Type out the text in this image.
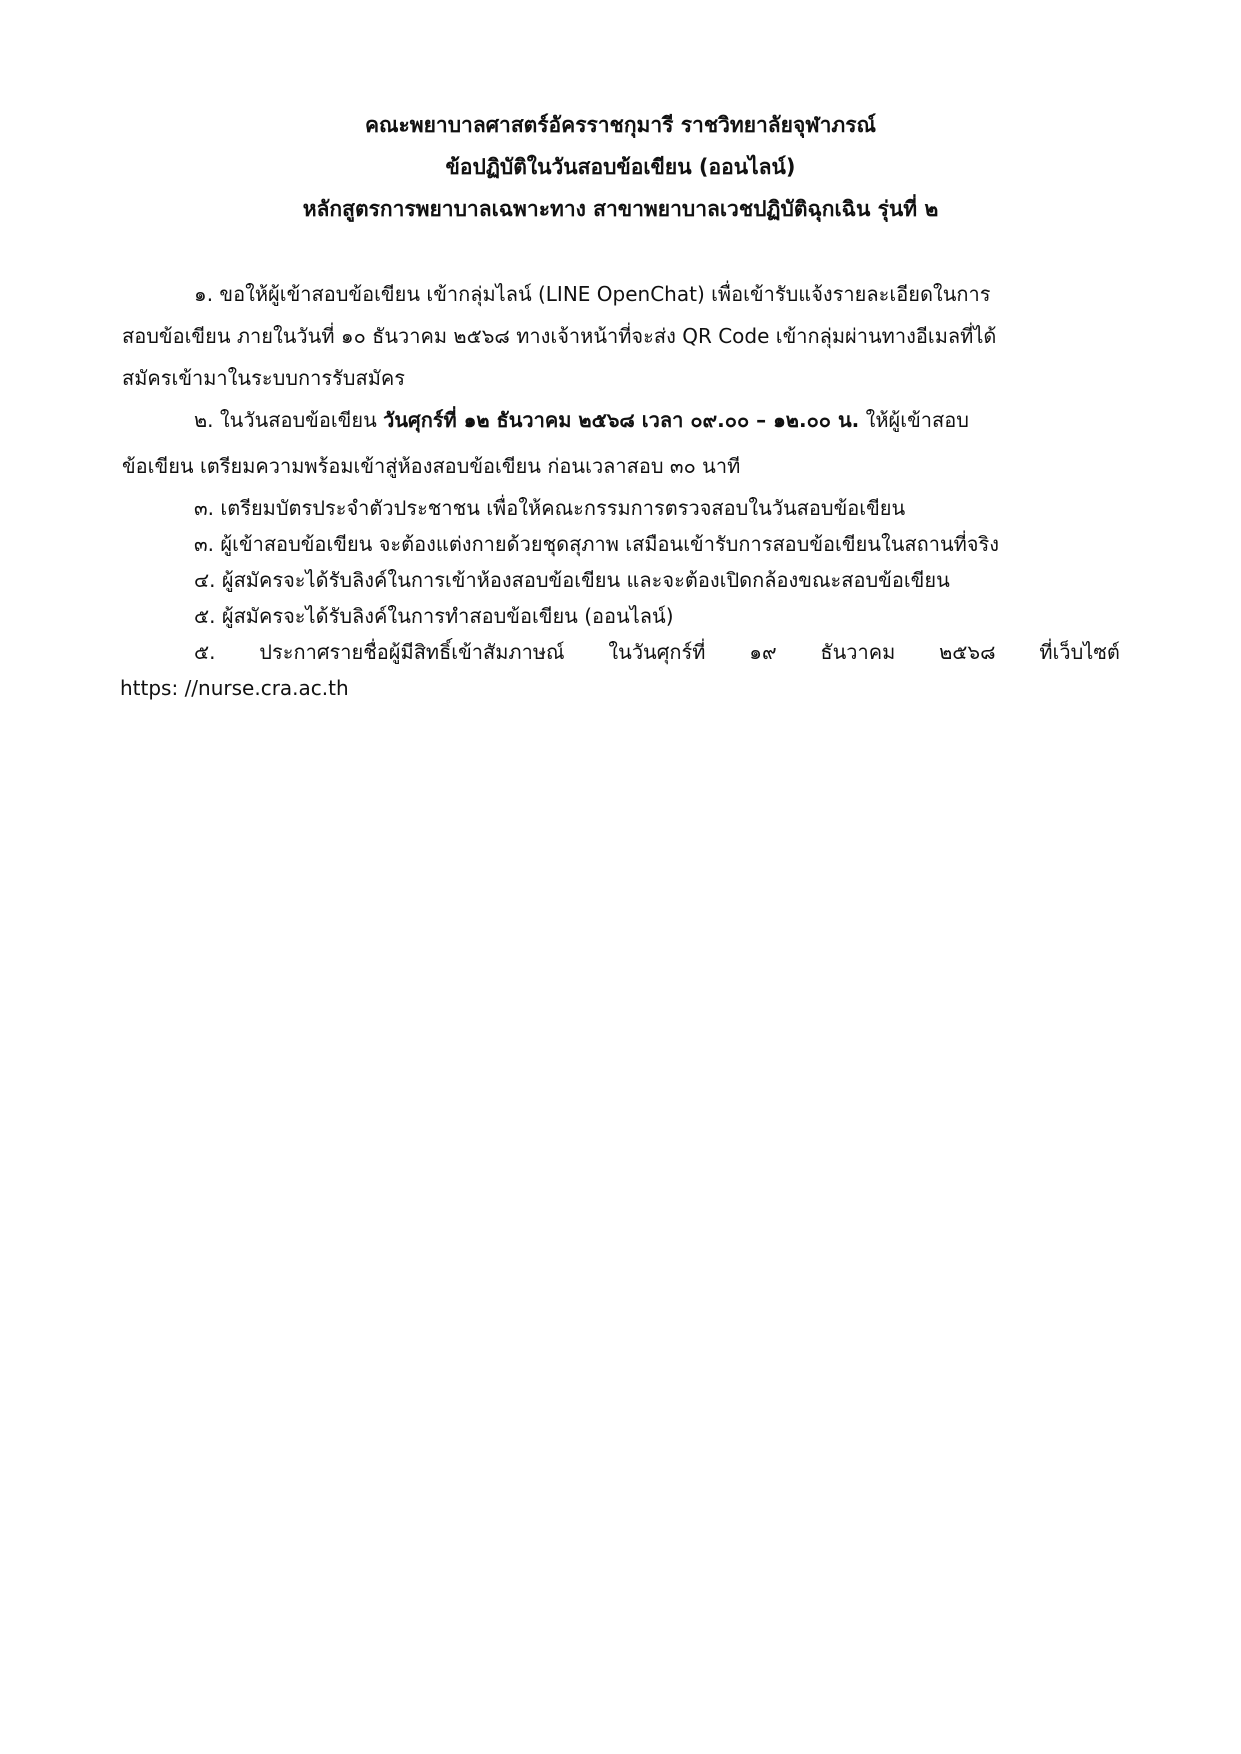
คณะพยาบาลศาสตร์อัครราชกุมารี ราชวิทยาลัยจุฬาภรณ์
ข้อปฏิบัติในวันสอบข้อเขียน (ออนไลน์)
หลักสูตรการพยาบาลเฉพาะทาง สาขาพยาบาลเวชปฏิบัติฉุกเฉิน รุ่นที่ ๒
๑. ขอให้ผู้เข้าสอบข้อเขียน เข้ากลุ่มไลน์ (LINE OpenChat) เพื่อเข้ารับแจ้งรายละเอียดในการ
สอบข้อเขียน ภายในวันที่ ๑๐ ธันวาคม ๒๕๖๘ ทางเจ้าหน้าที่จะส่ง QR Code เข้ากลุ่มผ่านทางอีเมลที่ได้
สมัครเข้ามาในระบบการรับสมัคร
๒. ในวันสอบข้อเขียน วันศุกร์ที่ ๑๒ ธันวาคม ๒๕๖๘ เวลา ๐๙.๐๐ – ๑๒.๐๐ น. ให้ผู้เข้าสอบ
ข้อเขียน เตรียมความพร้อมเข้าสู่ห้องสอบข้อเขียน ก่อนเวลาสอบ ๓๐ นาที
๓. เตรียมบัตรประจำตัวประชาชน เพื่อให้คณะกรรมการตรวจสอบในวันสอบข้อเขียน
๓. ผู้เข้าสอบข้อเขียน จะต้องแต่งกายด้วยชุดสุภาพ เสมือนเข้ารับการสอบข้อเขียนในสถานที่จริง
๔. ผู้สมัครจะได้รับลิงค์ในการเข้าห้องสอบข้อเขียน และจะต้องเปิดกล้องขณะสอบข้อเขียน
๕. ผู้สมัครจะได้รับลิงค์ในการทำสอบข้อเขียน (ออนไลน์)
๕. ประกาศรายชื่อผู้มีสิทธิ์เข้าสัมภาษณ์ ในวันศุกร์ที่ ๑๙ ธันวาคม ๒๕๖๘ ที่เว็บไซต์
https: //nurse.cra.ac.th
